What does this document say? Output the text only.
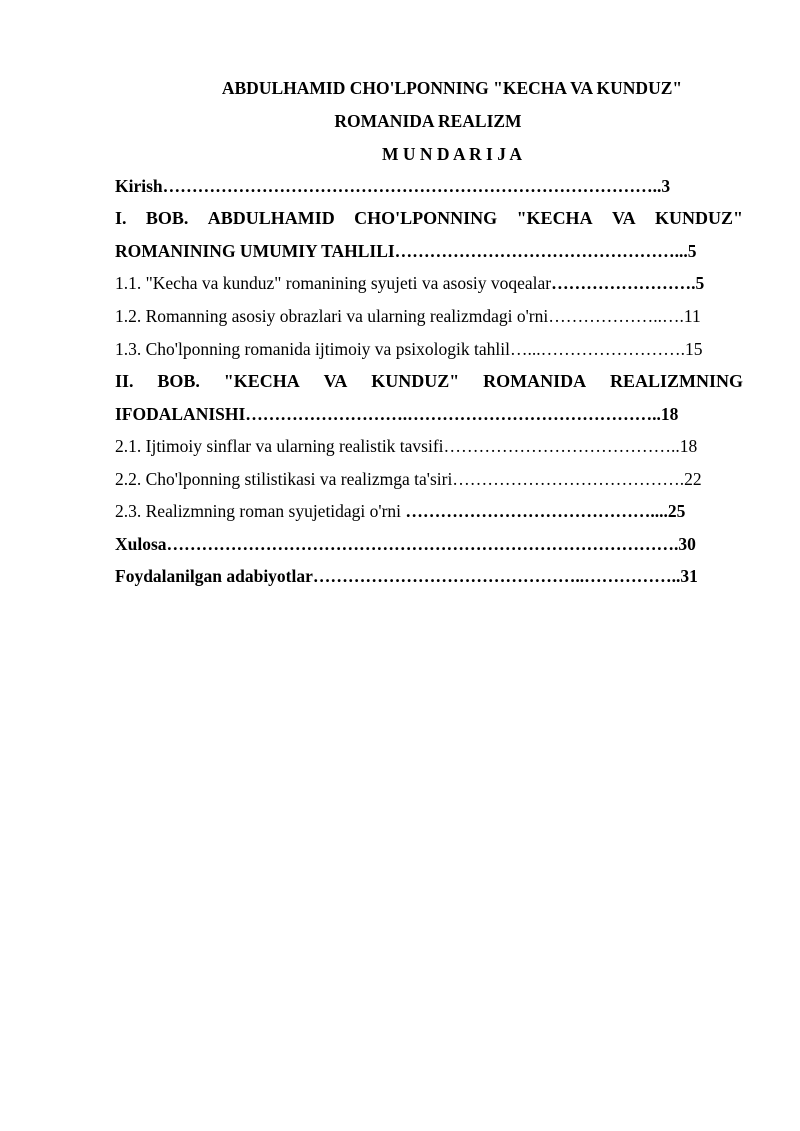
ABDULHAMID CHO'LPONNING "KECHA VA KUNDUZ"
ROMANIDA REALIZM
M U N D A R I J A
Kirish…………………………………………………………………………..3
I. BOB. ABDULHAMID CHO'LPONNING "KECHA VA KUNDUZ"
ROMANINING UMUMIY TAHLILI…………………………………………...5
1.1. "Kecha va kunduz" romanining syujeti va asosiy voqealar…………………….5
1.2. Romanning asosiy obrazlari va ularning realizmdagi o'rni………………..….11
1.3. Cho'lponning romanida ijtimoiy va psixologik tahlil…...…………………….15
II. BOB. "KECHA VA KUNDUZ" ROMANIDA REALIZMNING
IFODALANISHI……………………….……………………………………..18
2.1. Ijtimoiy sinflar va ularning realistik tavsifi…………………………………..18
2.2. Cho'lponning stilistikasi va realizmga ta'siri………………………………….22
2.3. Realizmning roman syujetidagi o'rni ……………………………………....25
Xulosa…………………………………………………………………………….30
Foydalanilgan adabiyotlar………………………………………..……………..31
